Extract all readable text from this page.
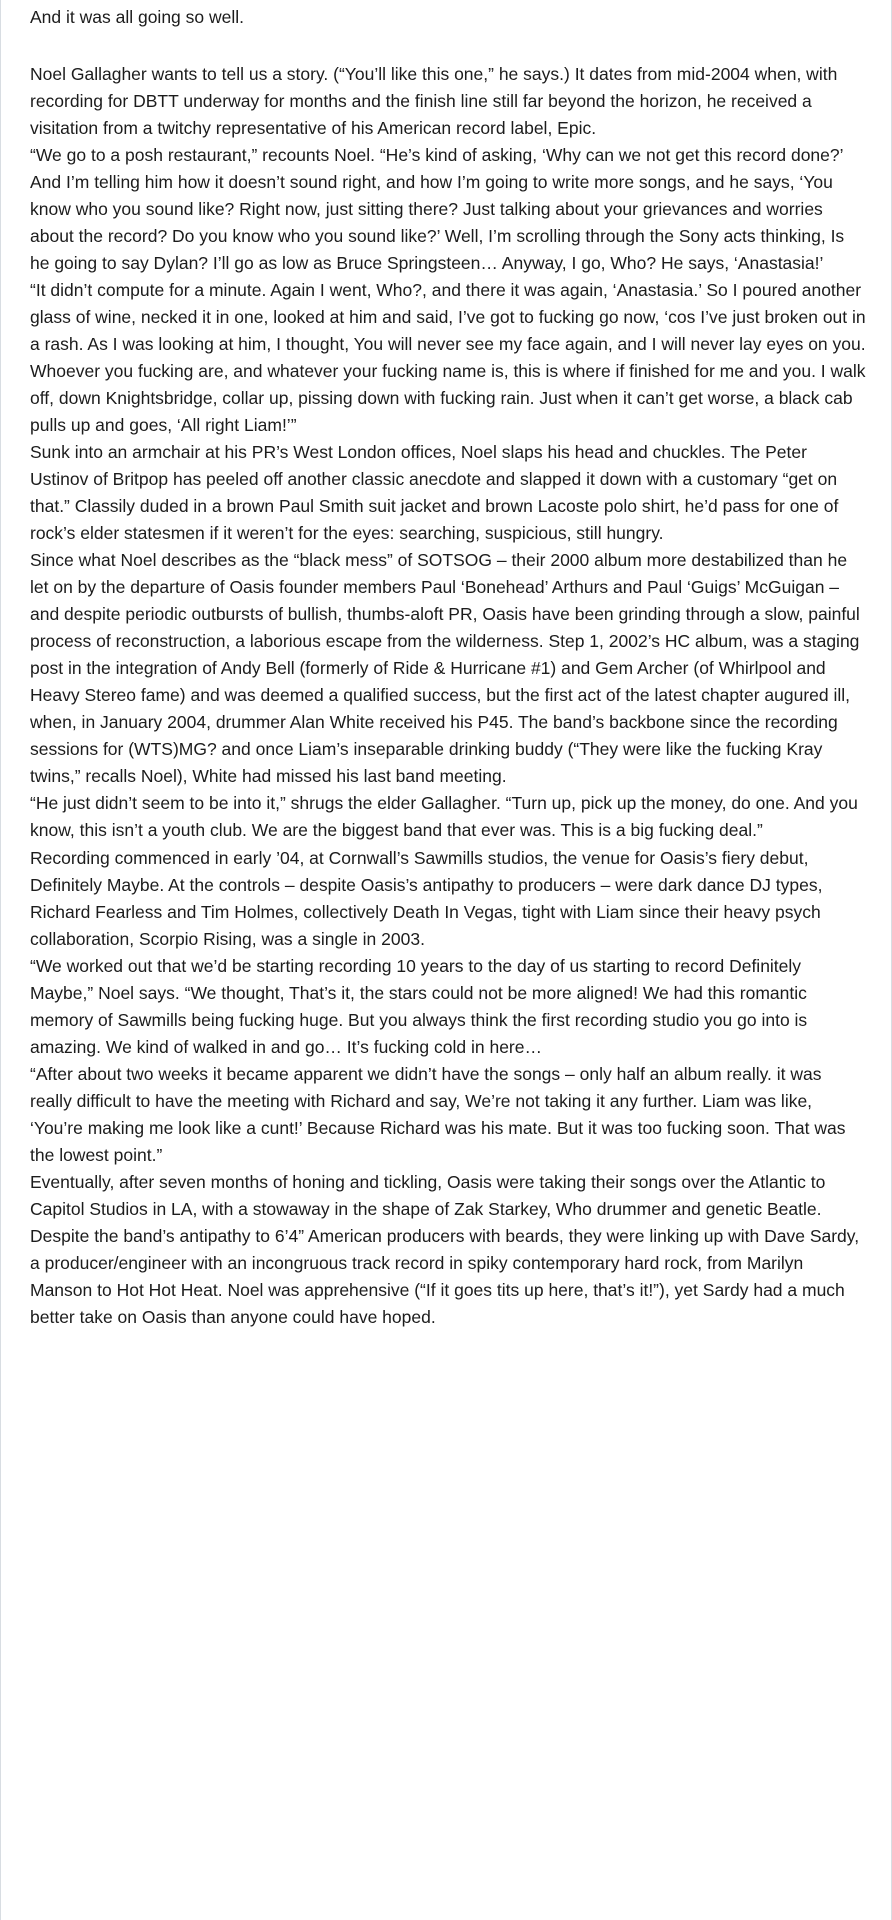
And it was all going so well.

Noel Gallagher wants to tell us a story. (“You’ll like this one,” he says.) It dates from mid-2004 when, with recording for DBTT underway for months and the finish line still far beyond the horizon, he received a visitation from a twitchy representative of his American record label, Epic.

“We go to a posh restaurant,” recounts Noel. “He’s kind of asking, ‘Why can we not get this record done?’ And I’m telling him how it doesn’t sound right, and how I’m going to write more songs, and he says, ‘You know who you sound like? Right now, just sitting there? Just talking about your grievances and worries about the record? Do you know who you sound like?’ Well, I’m scrolling through the Sony acts thinking, Is he going to say Dylan? I’ll go as low as Bruce Springsteen… Anyway, I go, Who? He says, ‘Anastasia!’

“It didn’t compute for a minute. Again I went, Who?, and there it was again, ‘Anastasia.’ So I poured another glass of wine, necked it in one, looked at him and said, I’ve got to fucking go now, ‘cos I’ve just broken out in a rash. As I was looking at him, I thought, You will never see my face again, and I will never lay eyes on you. Whoever you fucking are, and whatever your fucking name is, this is where if finished for me and you. I walk off, down Knightsbridge, collar up, pissing down with fucking rain. Just when it can’t get worse, a black cab pulls up and goes, ‘All right Liam!’”

Sunk into an armchair at his PR’s West London offices, Noel slaps his head and chuckles. The Peter Ustinov of Britpop has peeled off another classic anecdote and slapped it down with a customary “get on that.” Classily duded in a brown Paul Smith suit jacket and brown Lacoste polo shirt, he’d pass for one of rock’s elder statesmen if it weren’t for the eyes: searching, suspicious, still hungry.

Since what Noel describes as the “black mess” of SOTSOG – their 2000 album more destabilized than he let on by the departure of Oasis founder members Paul ‘Bonehead’ Arthurs and Paul ‘Guigs’ McGuigan – and despite periodic outbursts of bullish, thumbs-aloft PR, Oasis have been grinding through a slow, painful process of reconstruction, a laborious escape from the wilderness. Step 1, 2002’s HC album, was a staging post in the integration of Andy Bell (formerly of Ride & Hurricane #1) and Gem Archer (of Whirlpool and Heavy Stereo fame) and was deemed a qualified success, but the first act of the latest chapter augured ill, when, in January 2004, drummer Alan White received his P45. The band’s backbone since the recording sessions for (WTS)MG? and once Liam’s inseparable drinking buddy (“They were like the fucking Kray twins,” recalls Noel), White had missed his last band meeting.

“He just didn’t seem to be into it,” shrugs the elder Gallagher. “Turn up, pick up the money, do one. And you know, this isn’t a youth club. We are the biggest band that ever was. This is a big fucking deal.”

Recording commenced in early ’04, at Cornwall’s Sawmills studios, the venue for Oasis’s fiery debut, Definitely Maybe. At the controls – despite Oasis’s antipathy to producers – were dark dance DJ types, Richard Fearless and Tim Holmes, collectively Death In Vegas, tight with Liam since their heavy psych collaboration, Scorpio Rising, was a single in 2003.

“We worked out that we’d be starting recording 10 years to the day of us starting to record Definitely Maybe,” Noel says. “We thought, That’s it, the stars could not be more aligned! We had this romantic memory of Sawmills being fucking huge. But you always think the first recording studio you go into is amazing. We kind of walked in and go… It’s fucking cold in here…

“After about two weeks it became apparent we didn’t have the songs – only half an album really. it was really difficult to have the meeting with Richard and say, We’re not taking it any further. Liam was like, ‘You’re making me look like a cunt!’ Because Richard was his mate. But it was too fucking soon. That was the lowest point.”

Eventually, after seven months of honing and tickling, Oasis were taking their songs over the Atlantic to Capitol Studios in LA, with a stowaway in the shape of Zak Starkey, Who drummer and genetic Beatle. Despite the band’s antipathy to 6’4” American producers with beards, they were linking up with Dave Sardy, a producer/engineer with an incongruous track record in spiky contemporary hard rock, from Marilyn Manson to Hot Hot Heat. Noel was apprehensive (“If it goes tits up here, that’s it!”), yet Sardy had a much better take on Oasis than anyone could have hoped.
